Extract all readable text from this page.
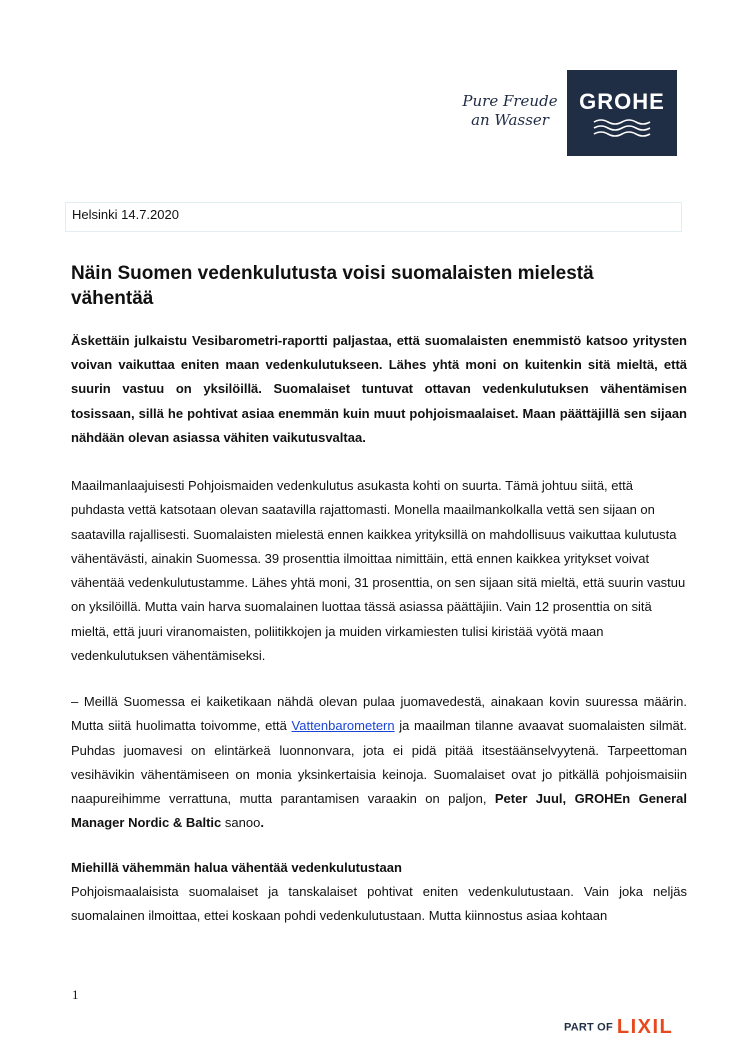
Pure Freude
an Wasser
GROHE
Helsinki 14.7.2020
Näin Suomen vedenkulutusta voisi suomalaisten mielestä vähentää

Äskettäin julkaistu Vesibarometri-raportti paljastaa, että suomalaisten enemmistö katsoo yritysten voivan vaikuttaa eniten maan vedenkulutukseen. Lähes yhtä moni on kuitenkin sitä mieltä, että suurin vastuu on yksilöillä. Suomalaiset tuntuvat ottavan vedenkulutuksen vähentämisen tosissaan, sillä he pohtivat asiaa enemmän kuin muut pohjoismaalaiset. Maan päättäjillä sen sijaan nähdään olevan asiassa vähiten vaikutusvaltaa.

Maailmanlaajuisesti Pohjoismaiden vedenkulutus asukasta kohti on suurta. Tämä johtuu siitä, että puhdasta vettä katsotaan olevan saatavilla rajattomasti. Monella maailmankolkalla vettä sen sijaan on saatavilla rajallisesti. Suomalaisten mielestä ennen kaikkea yrityksillä on mahdollisuus vaikuttaa kulutusta vähentävästi, ainakin Suomessa. 39 prosenttia ilmoittaa nimittäin, että ennen kaikkea yritykset voivat vähentää vedenkulutustamme. Lähes yhtä moni, 31 prosenttia, on sen sijaan sitä mieltä, että suurin vastuu on yksilöillä. Mutta vain harva suomalainen luottaa tässä asiassa päättäjiin. Vain 12 prosenttia on sitä mieltä, että juuri viranomaisten, poliitikkojen ja muiden virkamiesten tulisi kiristää vyötä maan vedenkulutuksen vähentämiseksi.

– Meillä Suomessa ei kaiketikaan nähdä olevan pulaa juomavedestä, ainakaan kovin suuressa määrin. Mutta siitä huolimatta toivomme, että Vattenbarometern ja maailman tilanne avaavat suomalaisten silmät. Puhdas juomavesi on elintärkeä luonnonvara, jota ei pidä pitää itsestäänselvyytenä. Tarpeettoman vesihävikin vähentämiseen on monia yksinkertaisia keinoja. Suomalaiset ovat jo pitkällä pohjoismaisiin naapureihimme verrattuna, mutta parantamisen varaakin on paljon, Peter Juul, GROHEn General Manager Nordic & Baltic sanoo.

Miehillä vähemmän halua vähentää vedenkulutustaan

Pohjoismaalaisista suomalaiset ja tanskalaiset pohtivat eniten vedenkulutustaan. Vain joka neljäs suomalainen ilmoittaa, ettei koskaan pohdi vedenkulutustaan. Mutta kiinnostus asiaa kohtaan

1
PART OF LIXIL
